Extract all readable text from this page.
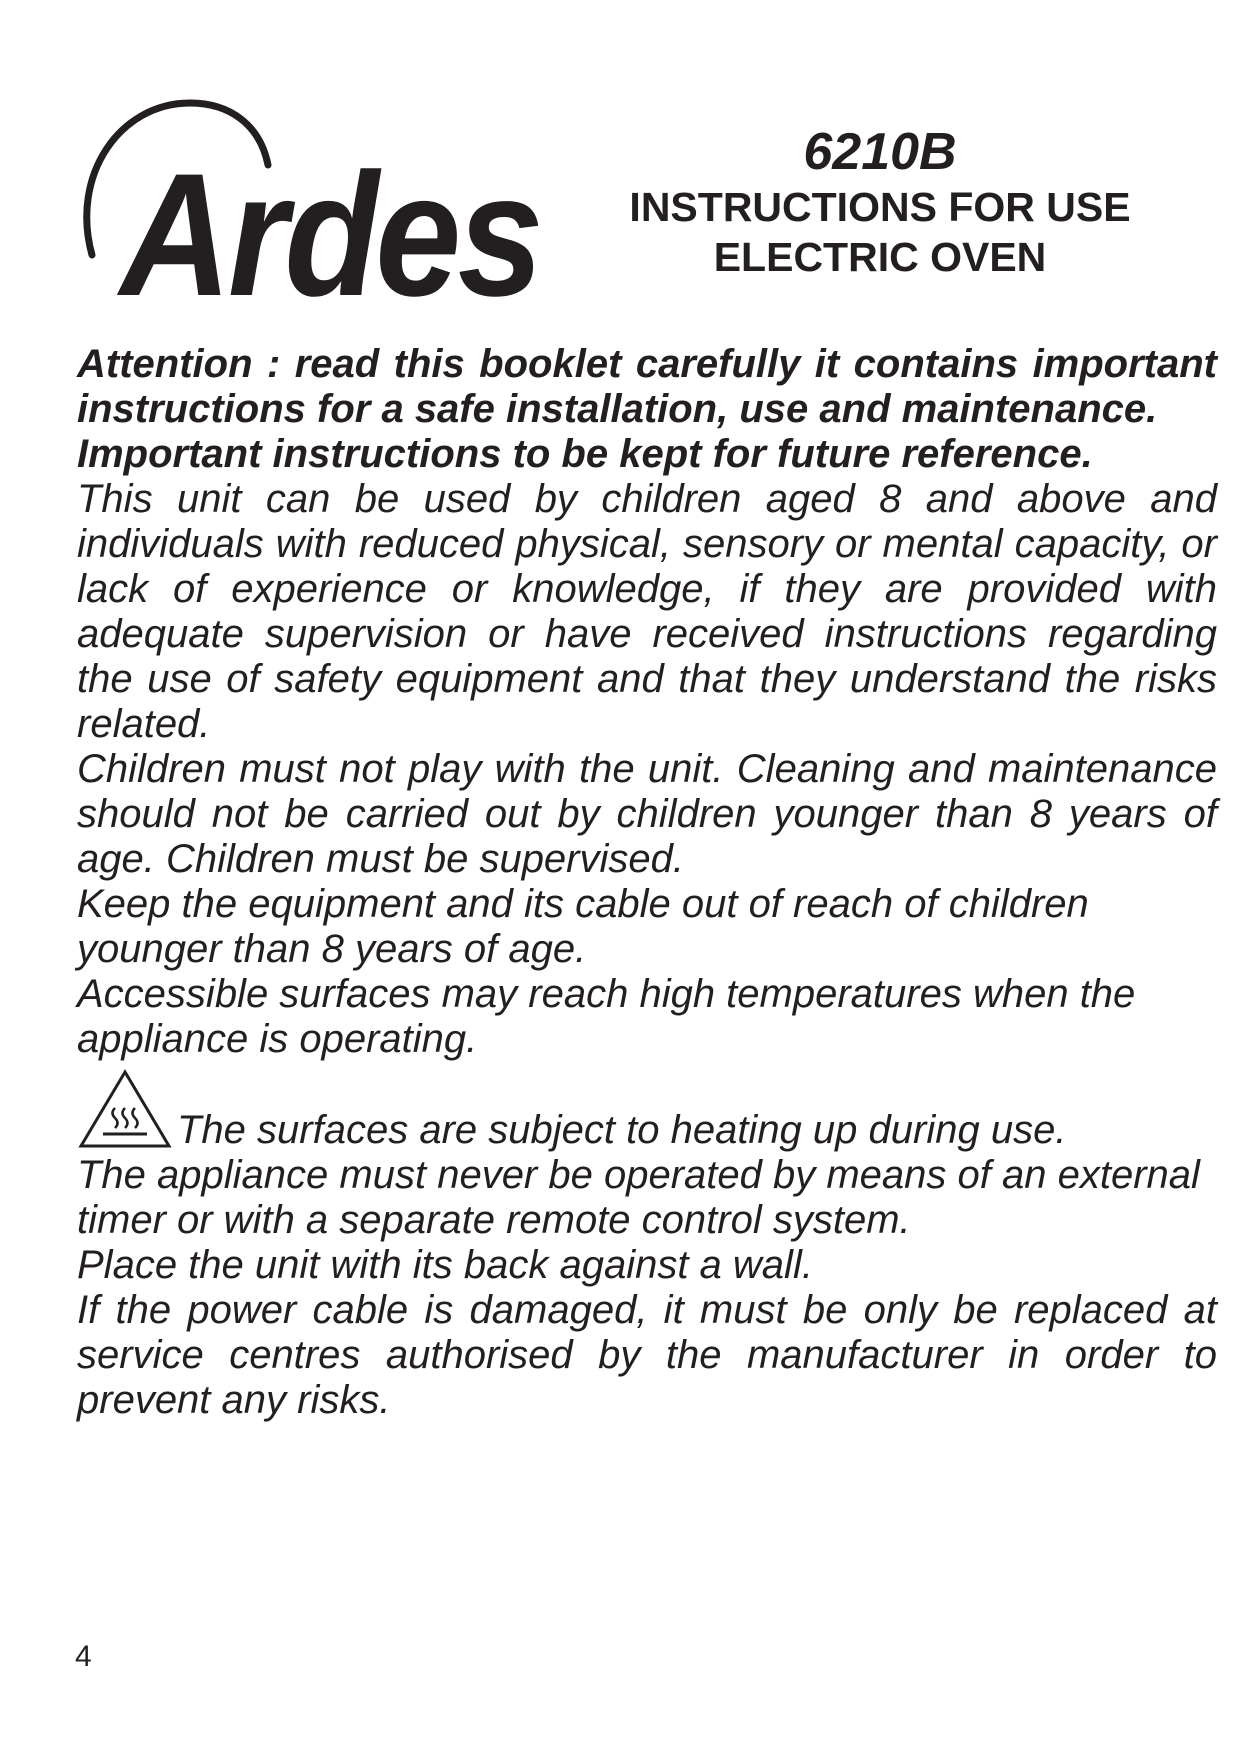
Ardes	6210B

INSTRUCTIONS FOR USE

ELECTRIC OVEN

Attention : read this booklet carefully it contains important instructions for a safe installation, use and maintenance.

Important instructions to be kept for future reference.

This unit can be used by children aged 8 and above and individuals with reduced physical, sensory or mental capacity, or lack of experience or knowledge, if they are provided with adequate supervision or have received instructions regarding the use of safety equipment and that they understand the risks related.

Children must not play with the unit. Cleaning and maintenance should not be carried out by children younger than 8 years of age. Children must be supervised.

Keep the equipment and its cable out of reach of children younger than 8 years of age.

Accessible surfaces may reach high temperatures when the appliance is operating.

The surfaces are subject to heating up during use.

The appliance must never be operated by means of an external timer or with a separate remote control system.

Place the unit with its back against a wall.

If the power cable is damaged, it must be only be replaced at service centres authorised by the manufacturer in order to prevent any risks.

4
